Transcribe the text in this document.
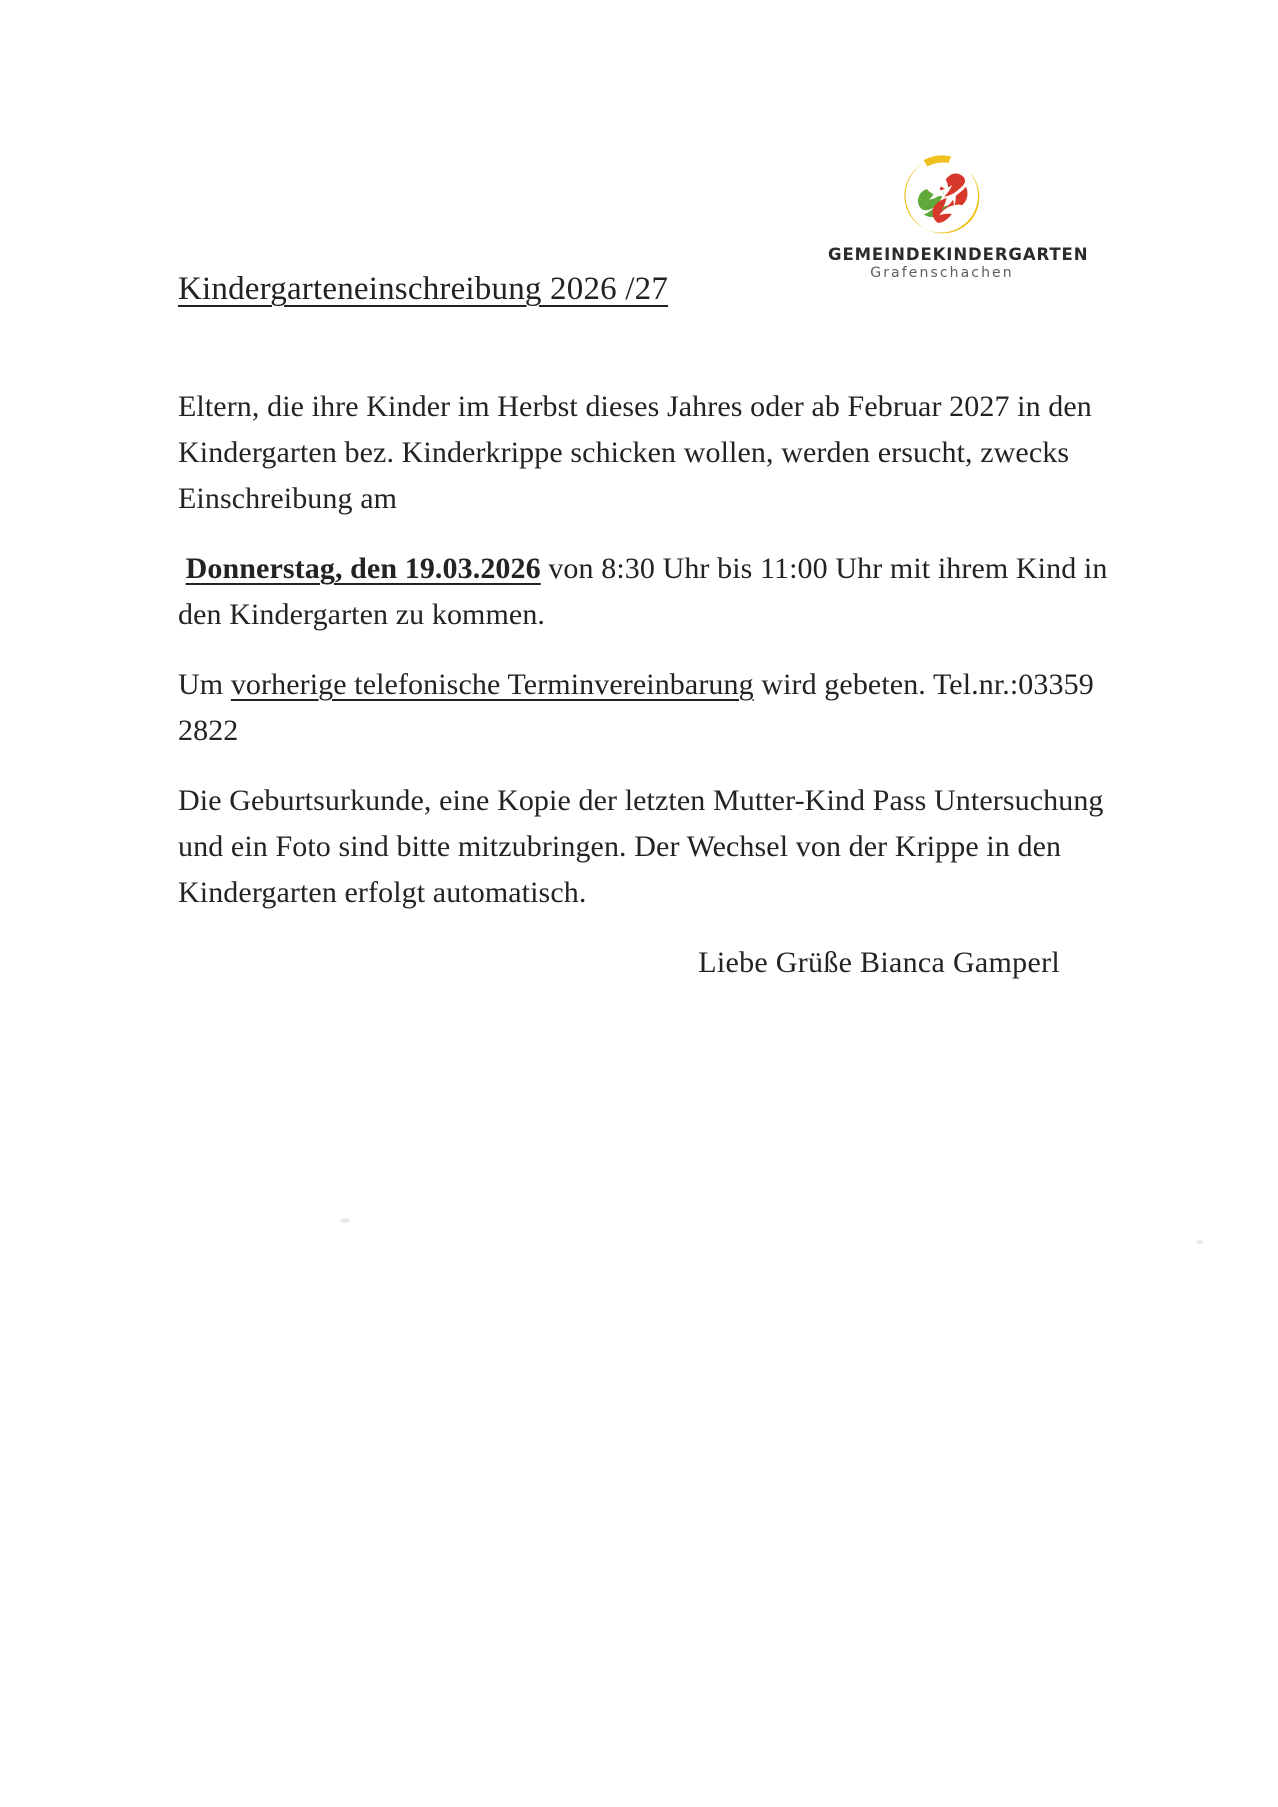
GEMEINDEKINDERGARTEN
Grafenschachen
Kindergarteneinschreibung 2026 /27

Eltern, die ihre Kinder im Herbst dieses Jahres oder ab Februar 2027 in den Kindergarten bez. Kinderkrippe schicken wollen, werden ersucht, zwecks Einschreibung am

Donnerstag, den 19.03.2026 von 8:30 Uhr bis 11:00 Uhr mit ihrem Kind in den Kindergarten zu kommen.

Um vorherige telefonische Terminvereinbarung wird gebeten. Tel.nr.:03359 2822

Die Geburtsurkunde, eine Kopie der letzten Mutter-Kind Pass Untersuchung und ein Foto sind bitte mitzubringen. Der Wechsel von der Krippe in den Kindergarten erfolgt automatisch.

Liebe Grüße Bianca Gamperl
